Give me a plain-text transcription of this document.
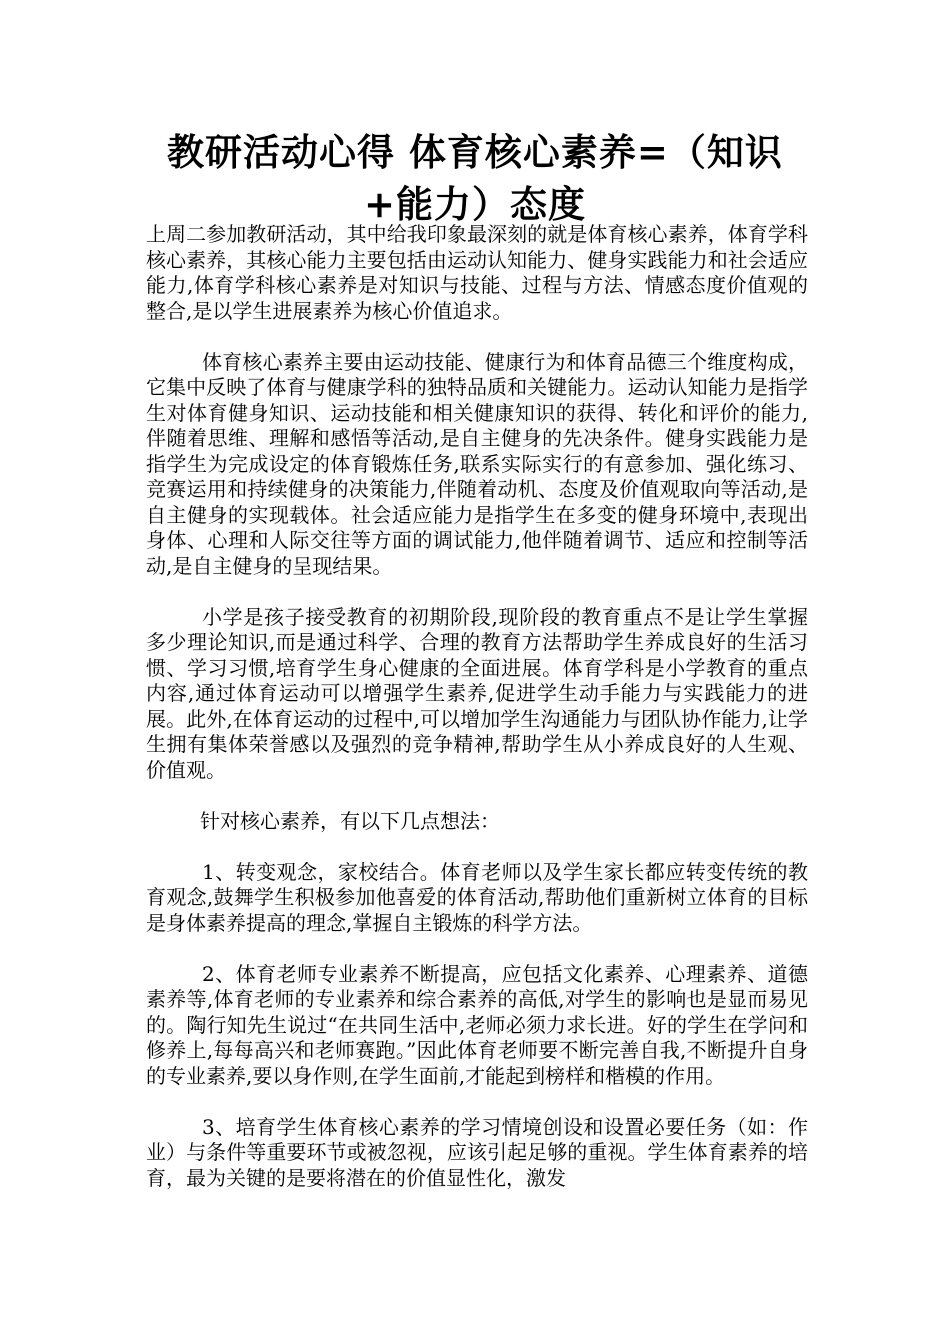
教研活动心得 体育核心素养=（知识+能力）态度

上周二参加教研活动，其中给我印象最深刻的就是体育核心素养，体育学科核心素养，其核心能力主要包括由运动认知能力、健身实践能力和社会适应能力,体育学科核心素养是对知识与技能、过程与方法、情感态度价值观的整合,是以学生进展素养为核心价值追求。

体育核心素养主要由运动技能、健康行为和体育品德三个维度构成，它集中反映了体育与健康学科的独特品质和关键能力。运动认知能力是指学生对体育健身知识、运动技能和相关健康知识的获得、转化和评价的能力,伴随着思维、理解和感悟等活动,是自主健身的先决条件。健身实践能力是指学生为完成设定的体育锻炼任务,联系实际实行的有意参加、强化练习、竞赛运用和持续健身的决策能力,伴随着动机、态度及价值观取向等活动,是自主健身的实现载体。社会适应能力是指学生在多变的健身环境中,表现出身体、心理和人际交往等方面的调试能力,他伴随着调节、适应和控制等活动,是自主健身的呈现结果。

小学是孩子接受教育的初期阶段,现阶段的教育重点不是让学生掌握多少理论知识,而是通过科学、合理的教育方法帮助学生养成良好的生活习惯、学习习惯,培育学生身心健康的全面进展。体育学科是小学教育的重点内容,通过体育运动可以增强学生素养,促进学生动手能力与实践能力的进展。此外,在体育运动的过程中,可以增加学生沟通能力与团队协作能力,让学生拥有集体荣誉感以及强烈的竞争精神,帮助学生从小养成良好的人生观、价值观。

针对核心素养，有以下几点想法：

1、转变观念，家校结合。体育老师以及学生家长都应转变传统的教育观念,鼓舞学生积极参加他喜爱的体育活动,帮助他们重新树立体育的目标是身体素养提高的理念,掌握自主锻炼的科学方法。

2、体育老师专业素养不断提高，应包括文化素养、心理素养、道德素养等,体育老师的专业素养和综合素养的高低,对学生的影响也是显而易见的。陶行知先生说过“在共同生活中,老师必须力求长进。好的学生在学问和修养上,每每高兴和老师赛跑。”因此体育老师要不断完善自我,不断提升自身的专业素养,要以身作则,在学生面前,才能起到榜样和楷模的作用。

3、培育学生体育核心素养的学习情境创设和设置必要任务（如：作业）与条件等重要环节或被忽视，应该引起足够的重视。学生体育素养的培育，最为关键的是要将潜在的价值显性化，激发
